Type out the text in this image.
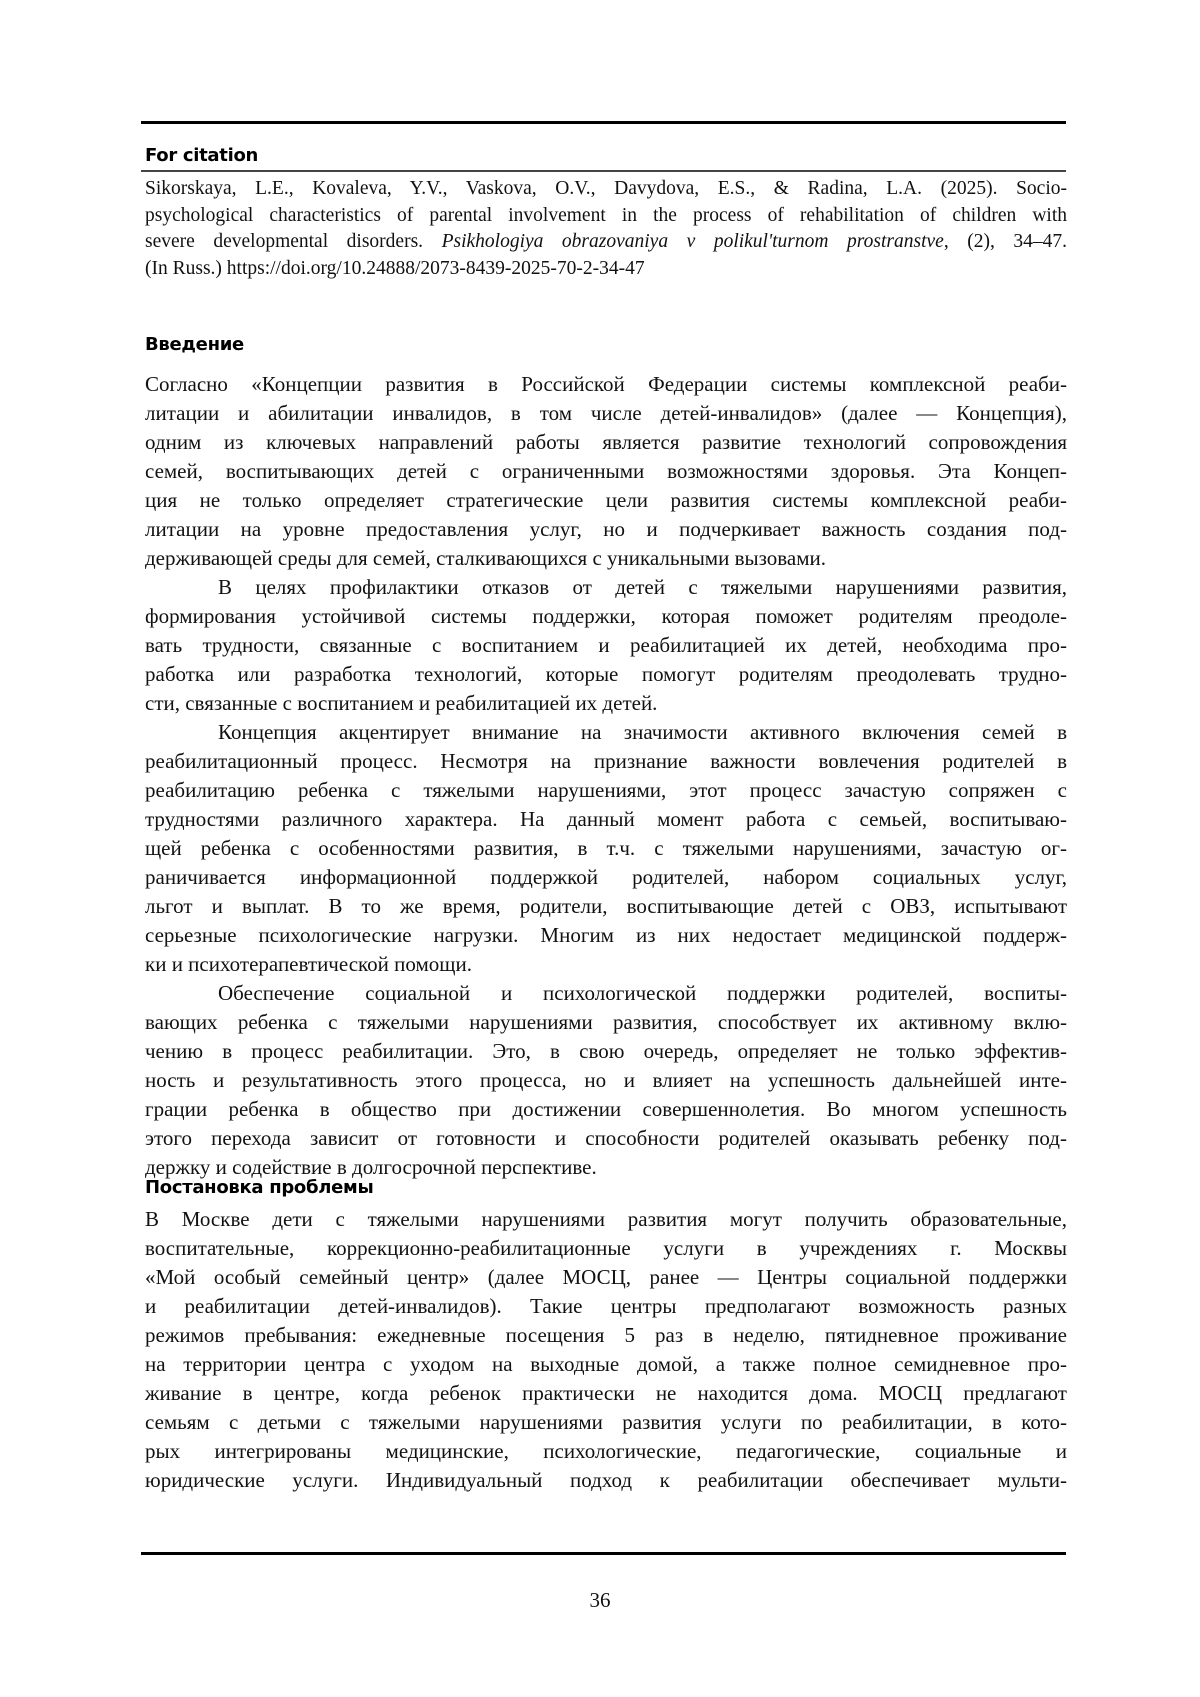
For citation
Sikorskaya, L.E., Kovaleva, Y.V., Vaskova, O.V., Davydova, E.S., & Radina, L.A. (2025). Socio-
psychological characteristics of parental involvement in the process of rehabilitation of children with
severe developmental disorders. Psikhologiya obrazovaniya v polikul'turnom prostranstve, (2), 34–47.
(In Russ.) https://doi.org/10.24888/2073-8439-2025-70-2-34-47
Введение
Согласно «Концепции развития в Российской Федерации системы комплексной реаби-
литации и абилитации инвалидов, в том числе детей-инвалидов» (далее — Концепция),
одним из ключевых направлений работы является развитие технологий сопровождения
семей, воспитывающих детей с ограниченными возможностями здоровья. Эта Концеп-
ция не только определяет стратегические цели развития системы комплексной реаби-
литации на уровне предоставления услуг, но и подчеркивает важность создания под-
держивающей среды для семей, сталкивающихся с уникальными вызовами.
В целях профилактики отказов от детей с тяжелыми нарушениями развития,
формирования устойчивой системы поддержки, которая поможет родителям преодоле-
вать трудности, связанные с воспитанием и реабилитацией их детей, необходима про-
работка или разработка технологий, которые помогут родителям преодолевать трудно-
сти, связанные с воспитанием и реабилитацией их детей.
Концепция акцентирует внимание на значимости активного включения семей в
реабилитационный процесс. Несмотря на признание важности вовлечения родителей в
реабилитацию ребенка с тяжелыми нарушениями, этот процесс зачастую сопряжен с
трудностями различного характера. На данный момент работа с семьей, воспитываю-
щей ребенка с особенностями развития, в т.ч. с тяжелыми нарушениями, зачастую ог-
раничивается информационной поддержкой родителей, набором социальных услуг,
льгот и выплат. В то же время, родители, воспитывающие детей с ОВЗ, испытывают
серьезные психологические нагрузки. Многим из них недостает медицинской поддерж-
ки и психотерапевтической помощи.
Обеспечение социальной и психологической поддержки родителей, воспиты-
вающих ребенка с тяжелыми нарушениями развития, способствует их активному вклю-
чению в процесс реабилитации. Это, в свою очередь, определяет не только эффектив-
ность и результативность этого процесса, но и влияет на успешность дальнейшей инте-
грации ребенка в общество при достижении совершеннолетия. Во многом успешность
этого перехода зависит от готовности и способности родителей оказывать ребенку под-
держку и содействие в долгосрочной перспективе.
Постановка проблемы
В Москве дети с тяжелыми нарушениями развития могут получить образовательные,
воспитательные, коррекционно-реабилитационные услуги в учреждениях г. Москвы
«Мой особый семейный центр» (далее МОСЦ, ранее — Центры социальной поддержки
и реабилитации детей-инвалидов). Такие центры предполагают возможность разных
режимов пребывания: ежедневные посещения 5 раз в неделю, пятидневное проживание
на территории центра с уходом на выходные домой, а также полное семидневное про-
живание в центре, когда ребенок практически не находится дома. МОСЦ предлагают
семьям с детьми с тяжелыми нарушениями развития услуги по реабилитации, в кото-
рых интегрированы медицинские, психологические, педагогические, социальные и
юридические услуги. Индивидуальный подход к реабилитации обеспечивает мульти-
36
